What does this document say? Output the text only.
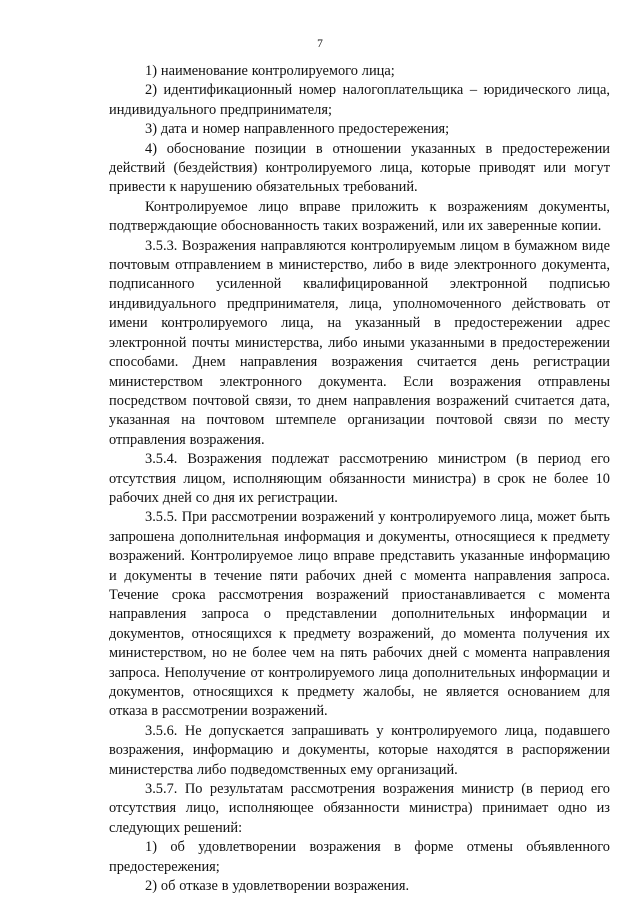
7

1) наименование контролируемого лица;

2) идентификационный номер налогоплательщика – юридического лица, индивидуального предпринимателя;

3) дата и номер направленного предостережения;

4) обоснование позиции в отношении указанных в предостережении действий (бездействия) контролируемого лица, которые приводят или могут привести к нарушению обязательных требований.

Контролируемое лицо вправе приложить к возражениям документы, подтверждающие обоснованность таких возражений, или их заверенные копии.

3.5.3. Возражения направляются контролируемым лицом в бумажном виде почтовым отправлением в министерство, либо в виде электронного документа, подписанного усиленной квалифицированной электронной подписью индивидуального предпринимателя, лица, уполномоченного действовать от имени контролируемого лица, на указанный в предостережении адрес электронной почты министерства, либо иными указанными в предостережении способами. Днем направления возражения считается день регистрации министерством электронного документа. Если возражения отправлены посредством почтовой связи, то днем направления возражений считается дата, указанная на почтовом штемпеле организации почтовой связи по месту отправления возражения.

3.5.4. Возражения подлежат рассмотрению министром (в период его отсутствия лицом, исполняющим обязанности министра) в срок не более 10 рабочих дней со дня их регистрации.

3.5.5. При рассмотрении возражений у контролируемого лица, может быть запрошена дополнительная информация и документы, относящиеся к предмету возражений. Контролируемое лицо вправе представить указанные информацию и документы в течение пяти рабочих дней с момента направления запроса. Течение срока рассмотрения возражений приостанавливается с момента направления запроса о представлении дополнительных информации и документов, относящихся к предмету возражений, до момента получения их министерством, но не более чем на пять рабочих дней с момента направления запроса. Неполучение от контролируемого лица дополнительных информации и документов, относящихся к предмету жалобы, не является основанием для отказа в рассмотрении возражений.

3.5.6. Не допускается запрашивать у контролируемого лица, подавшего возражения, информацию и документы, которые находятся в распоряжении министерства либо подведомственных ему организаций.

3.5.7. По результатам рассмотрения возражения министр (в период его отсутствия лицо, исполняющее обязанности министра) принимает одно из следующих решений:

1) об удовлетворении возражения в форме отмены объявленного предостережения;

2) об отказе в удовлетворении возражения.
